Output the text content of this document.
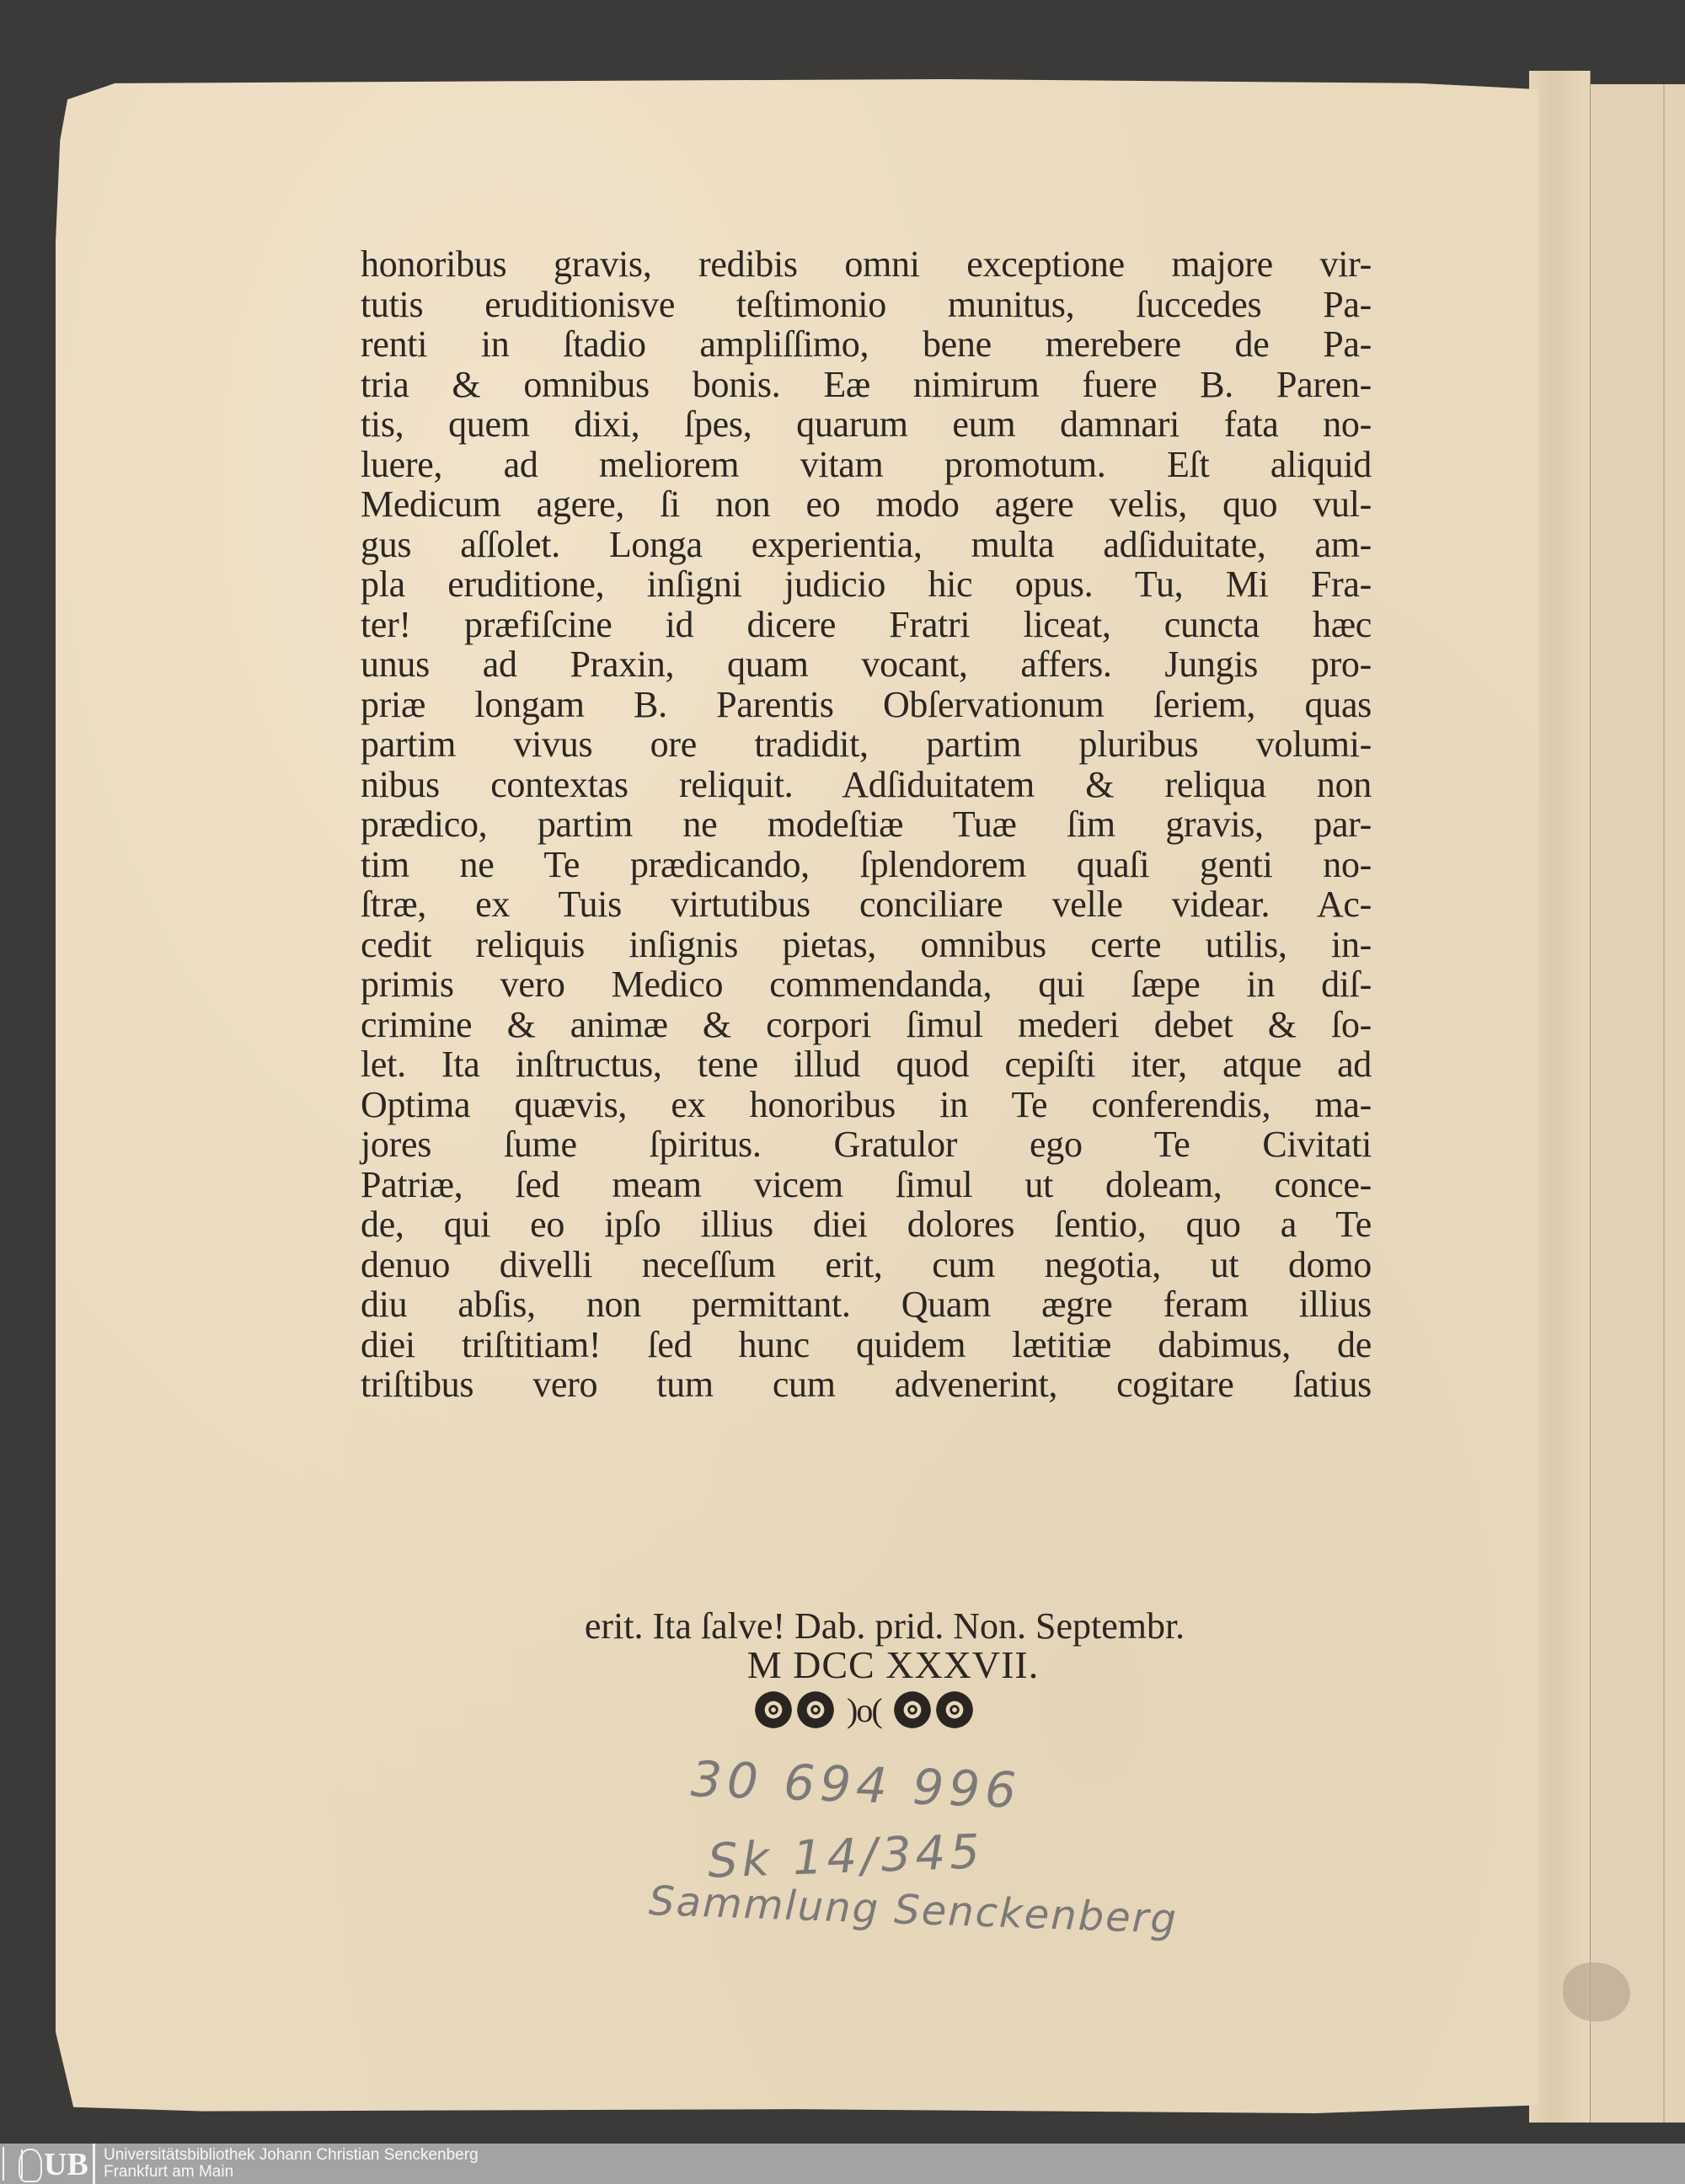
honoribus gravis, redibis omni exceptione majore vir-
tutis eruditionisve teſtimonio munitus, ſuccedes Pa-
renti in ſtadio ampliſſimo, bene merebere de Pa-
tria & omnibus bonis. Eæ nimirum fuere B. Paren-
tis, quem dixi, ſpes, quarum eum damnari fata no-
luere, ad meliorem vitam promotum. Eſt aliquid
Medicum agere, ſi non eo modo agere velis, quo vul-
gus aſſolet. Longa experientia, multa adſiduitate, am-
pla eruditione, inſigni judicio hic opus. Tu, Mi Fra-
ter! præfiſcine id dicere Fratri liceat, cuncta hæc
unus ad Praxin, quam vocant, affers. Jungis pro-
priæ longam B. Parentis Obſervationum ſeriem, quas
partim vivus ore tradidit, partim pluribus volumi-
nibus contextas reliquit. Adſiduitatem & reliqua non
prædico, partim ne modeſtiæ Tuæ ſim gravis, par-
tim ne Te prædicando, ſplendorem quaſi genti no-
ſtræ, ex Tuis virtutibus conciliare velle videar. Ac-
cedit reliquis inſignis pietas, omnibus certe utilis, in-
primis vero Medico commendanda, qui ſæpe in diſ-
crimine & animæ & corpori ſimul mederi debet & ſo-
let. Ita inſtructus, tene illud quod cepiſti iter, atque ad
Optima quævis, ex honoribus in Te conferendis, ma-
jores ſume ſpiritus. Gratulor ego Te Civitati
Patriæ, ſed meam vicem ſimul ut doleam, conce-
de, qui eo ipſo illius diei dolores ſentio, quo a Te
denuo divelli neceſſum erit, cum negotia, ut domo
diu abſis, non permittant. Quam ægre feram illius
diei triſtitiam! ſed hunc quidem lætitiæ dabimus, de
triſtibus vero tum cum advenerint, cogitare ſatius
erit. Ita ſalve! Dab. prid. Non. Septembr.
M DCC XXXVII.
)o(
30 694 996
Sk 14/345
Sammlung Senckenberg
UB Universitätsbibliothek Johann Christian Senckenberg
Frankfurt am Main
